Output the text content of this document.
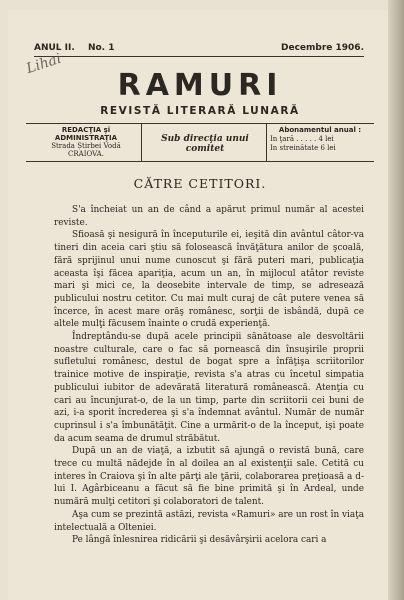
ANUL II. No. 1	Decembre 1906.
Lihai
RAMURI
REVISTĂ LITERARĂ LUNARĂ
REDACŢIA şi ADMINISTRAŢIA
Strada Știrbei Vodă
CRAIOVA.
Sub direcţia unui comitet
Abonamentul anual :
In ţară . . . . . 4 lei
In streinătate 6 lei
CĂTRE CETITORI.

S'a încheiat un an de când a apărut primul număr al acestei reviste.

Sfioasă şi nesigură în începuturile ei, ieşită din avântul câtor-va tineri din aceia cari ştiu să folosească învăţătura anilor de şcoală, fără sprijinul unui nume cunoscut şi fără puteri mari, publicaţia aceasta îşi făcea apariţia, acum un an, în mijlocul atâtor reviste mari şi mici ce, la deosebite intervale de timp, se adresează publicului nostru cetitor. Cu mai mult curaj de cât putere venea să încerce, în acest mare orăş românesc, sorţii de isbândă, după ce altele mulţi făcusem înainte o crudă experienţă.

Îndreptându-se după acele principii sănătoase ale desvoltării noastre culturale, care o fac să pornească din însuşirile proprii sufletului românesc, destul de bogat spre a înfăţişa scriitorilor trainice motive de inspiraţie, revista s'a atras cu încetul simpatia publicului iubitor de adevărată literatură românească. Atenţia cu cari au încunjurat-o, de la un timp, parte din scriitorii cei buni de azi, i-a sporit încrederea şi s'a îndemnat avântul. Număr de număr cuprinsul i s'a îmbunătăţit. Cine a urmărit-o de la început, işi poate da acum seama de drumul străbătut.

După un an de viaţă, a izbutit să ajungă o revistă bună, care trece cu multă nădejde în al doilea an al existenţii sale. Cetită cu interes în Craiova şi în alte părţi ale ţării, colaborarea preţioasă a d-lui I. Agârbiceanu a făcut să fie bine primită şi în Ardeal, unde numără mulţi cetitori şi colaboratori de talent.

Aşa cum se prezintă astăzi, revista «Ramuri» are un rost în viaţa intelectuală a Olteniei.

Pe lângă înlesnirea ridicării şi desăvârşirii acelora cari a
